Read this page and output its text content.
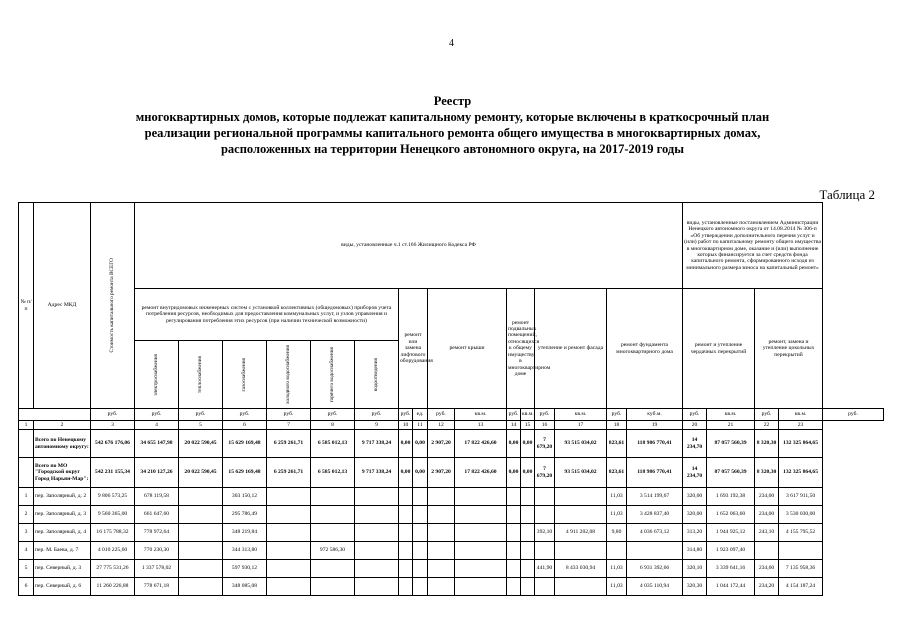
4
Реестр
многоквартирных домов, которые подлежат капитальному ремонту, которые включены в краткосрочный план
реализации региональной программы капитального ремонта общего имущества в многоквартирных домах,
расположенных на территории Ненецкого автономного округа, на 2017-2019 годы
Таблица 2
№ п/п	Адрес МКД	Стоимость капитального ремонта ВСЕГО	виды, установленные ч.1 ст.166 Жилищного Кодекса РФ																виды, установленные постановлением Администрации Ненецкого автономного округа от 14.08.2014 № 306-п «Об утверждении дополнительного перечня услуг и (или) работ по капитальному ремонту общего имущества в многоквартирном доме, оказание и (или) выполнение которых финансируется за счет средств фонда капитального ремонта, сформированного исходя из минимального размера взноса на капитальный ремонт»				
			ремонт внутридомовых инженерных систем с установкой коллективных (общедомовых) приборов учета потребления ресурсов, необходимых для предоставления коммунальных услуг, и узлов управления и регулирования потребления этих ресурсов (при наличии технической возможности)						ремонт или замена лифтового оборудования		ремонт крыши		ремонт подвальных помещений, относящихся к общему имуществу в многоквартирном доме		утепление и ремонт фасада		ремонт фундамента многоквартирного дома		ремонт и утепление чердачных перекрытий		ремонт, замена и утепление цокольных перекрытий		

			электроснабжения	теплоснабжения	газоснабжения	холодного водоснабжения	горячего водоснабжения	водоотведения															

		руб.	руб.	руб.	руб.	руб.	руб.	руб.	руб.	ед.	руб.	кв.м.	руб.	кв.м.	руб.	кв.м.	руб.	куб.м.	руб.	кв.м.	руб.	кв.м.	руб.
1	2	3	4	5	6	7	8	9	10	11	12	13	14	15	16	17	18	19	20	21	22	23	
	Всего по Ненецкому автономному округу:	542 676 176,06	34 655 147,98	20 022 590,45	15 629 169,48	6 259 261,71	6 585 012,13	9 717 338,24	0,00	0,00	2 907,20	17 822 426,60	0,00	0,00	7 679,20	93 515 034,02	823,61	118 986 770,41	14 234,70	87 057 560,39	8 320,30	132 325 864,65	
	Всего по МО "Городской округ Город Нарьян-Мар":	542 231 155,34	34 210 127,26	20 022 590,45	15 629 169,48	6 259 261,71	6 585 012,13	9 717 338,24	0,00	0,00	2 907,20	17 822 426,60	0,00	0,00	7 679,20	93 515 034,02	823,61	118 986 770,41	14 234,70	87 057 560,39	8 320,30	132 325 864,65	
1	пер. Заполярный, д. 2	9 806 573,25	678 119,58		303 150,12												11,03	3 514 199,67	320,00	1 693 192,38	234,00	3 617 911,50	
2	пер. Заполярный, д. 3	9 560 365,00	661 647,60		295 786,49												11,03	3 428 837,40	320,00	1 652 063,60	234,00	3 530 030,00	
3	пер. Заполярный, д. 4	16 175 788,32	778 972,64		348 219,84										392,10	4 911 202,08	9,80	4 036 673,12	313,20	1 944 925,12	243,10	4 155 795,52	
4	пер. М. Баева, д. 7	4 010 225,60	770 230,30		344 313,80		972 586,30												314,80	1 923 097,40			
5	пер. Северный, д. 3	27 775 531,26	1 337 578,02		597 930,12										441,90	8 433 030,94	11,03	6 931 392,66	320,10	3 339 641,16	234,60	7 135 958,36	
6	пер. Северный, д. 6	11 260 226,88	778 671,18		348 085,08												11,03	4 035 110,94	320,30	1 044 172,44	234,20	4 154 187,24	
